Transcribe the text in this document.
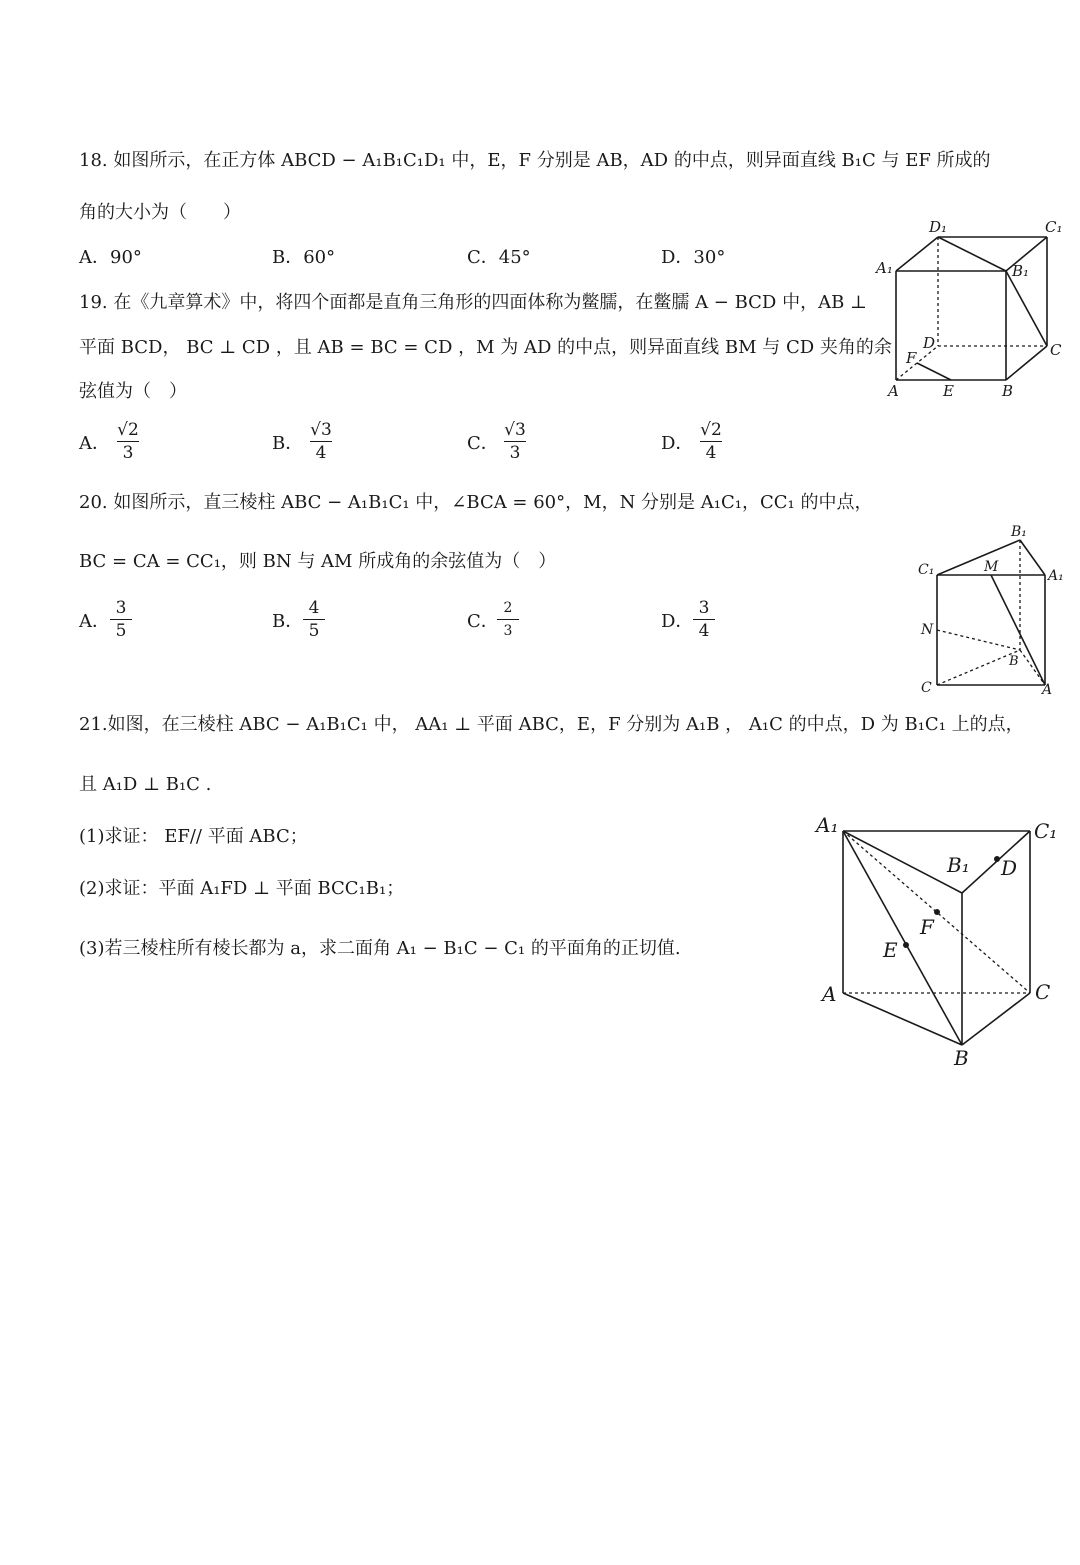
18. 如图所示，在正方体 ABCD − A₁B₁C₁D₁ 中，E，F 分别是 AB，AD 的中点，则异面直线 B₁C 与 EF 所成的
角的大小为（　　）
A．90°	B．60°	C．45°	D．30°
D₁	C₁
A₁	B₁
D	C
F
A	E	B
19. 在《九章算术》中，将四个面都是直角三角形的四面体称为鳖臑，在鳖臑 A − BCD 中，AB ⊥
平面 BCD， BC ⊥ CD ，且 AB = BC = CD ，M 为 AD 的中点，则异面直线 BM 与 CD 夹角的余
弦值为（　）
A．
√2
3	B．
√3
4	C．
√3
3	D．
√2
4
20. 如图所示，直三棱柱 ABC − A₁B₁C₁ 中，∠BCA = 60°，M，N 分别是 A₁C₁，CC₁ 的中点，
BC = CA = CC₁，则 BN 与 AM 所成角的余弦值为（　）
A．
3
5	B．
4
5	C．
2
3	D．
3
4
B₁
C₁	M
A₁
N
B
C	A
21.如图，在三棱柱 ABC − A₁B₁C₁ 中， AA₁ ⊥ 平面 ABC，E，F 分别为 A₁B ， A₁C 的中点，D 为 B₁C₁ 上的点，
且 A₁D ⊥ B₁C .
(1)求证： EF// 平面 ABC；
(2)求证：平面 A₁FD ⊥ 平面 BCC₁B₁；
(3)若三棱柱所有棱长都为 a，求二面角 A₁ − B₁C − C₁ 的平面角的正切值.
A₁	C₁
B₁ D
F
E
A	C
B
